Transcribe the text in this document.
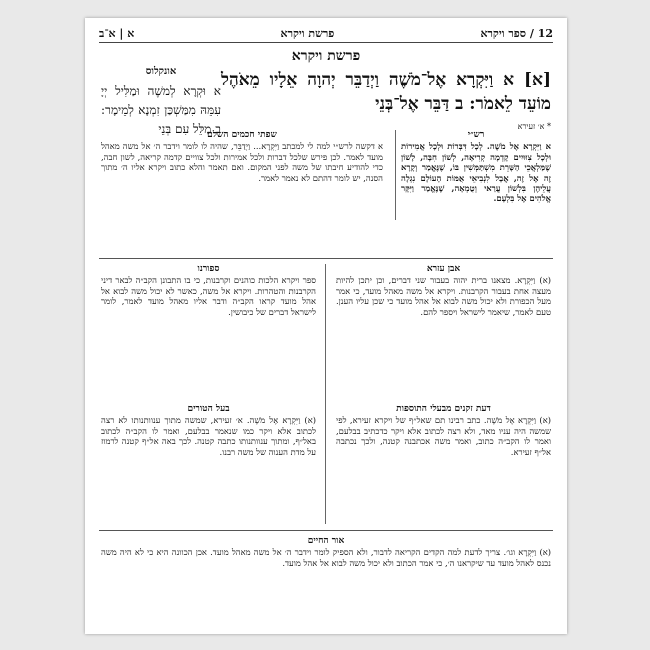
12 / ספר ויקרא
פרשת ויקרא
א | א־ב
פרשת ויקרא
[א] א וַיִּקְרָא אֶל־מֹשֶׁה וַיְדַבֵּר יְהוָה אֵלָיו מֵאֹהֶל מוֹעֵד לֵאמֹר: ב דַּבֵּר אֶל־בְּנֵי
* א׳ זעירא
אונקלוס
א וּקְרָא לְמשֶׁה וּמַלִּיל יְיָ עִמֵּהּ מִמַּשְׁכַּן זִמְנָא לְמֵימָר: ב מַלֵּל עִם בְּנֵי	רש״י
א וַיִּקְרָא אֶל מֹשֶׁה. לְכָל דִּבְּרוֹת וּלְכָל אֲמִירוֹת וּלְכָל צִוּוּיִים קָדְמָה קְרִיאָה, לְשׁוֹן חִבָּה, לָשׁוֹן שֶׁמַּלְאֲכֵי הַשָּׁרֵת מִשְׁתַּמְּשִׁין בּוֹ, שֶׁנֶּאֱמַר וְקָרָא זֶה אֶל זֶה, אֲבָל לִנְבִיאֵי אֻמּוֹת הָעוֹלָם נִגְלָה עֲלֵיהֶן בִּלְשׁוֹן עֲרַאי וְטֻמְאָה, שֶׁנֶּאֱמַר וַיִּקָּר אֱלֹהִים אֶל בִּלְעָם.
שפתי חכמים השלם
א דקשה לרש״י למה לי למכתב וַיִּקְרָא... וַיְדַבֵּר, שהיה לו לומר וידבר ה׳ אל משה מאהל מועד לאמר. לכן פירש שלכל דברות ולכל אמירות ולכל צוויים קדמה קריאה, לשון חבה, כדי להודיע חיבתו של משה לפני המקום. ואם תאמר והלא כתוב ויקרא אליו ה׳ מתוך הסנה, יש לומר דהתם לא נאמר לאמר.
ספורנו
ספר ויקרא הלכות כוהנים וקרבנות, כי בו התבונן הקב״ה לבאר דיני הקרבנות והטהרות. ויקרא אל משה, כאשר לא יכול משה לבוא אל אהל מועד קראו הקב״ה ודבר אליו מאהל מועד לאמר, לומר לישראל דברים של כיבושין.
אבן עזרא
(א) וַיִּקְרָא. מצאנו ברית יהוה בעבור שני דברים, וכן יתכן להיות מעצה אחת בעבור הקרבנות. ויקרא אל משה מאהל מועד, כי אמר מעל הכפורת ולא יכול משה לבוא אל אהל מועד כי שכן עליו הענן. טעם לאמר, שיאמר לישראל ויספר להם.
בעל הטורים
(א) וַיִּקְרָא אֶל מֹשֶׁה. א׳ זעירא, שמשה מתוך ענוותנותו לא רצה לכתוב אלא ויקר כמו שנאמר בבלעם, ואמר לו הקב״ה לכתוב באל״ף, ומתוך ענוותנותו כתבה קטנה. לכך באה אל״ף קטנה לרמוז על מדת הענוה של משה רבנו.
דעת זקנים מבעלי התוספות
(א) וַיִּקְרָא אֶל מֹשֶׁה. כתב רבינו תם שאל״ף של ויקרא זעירא, לפי שמשה היה עניו מאד, ולא רצה לכתוב אלא ויקר כדכתיב בבלעם, ואמר לו הקב״ה כתוב, ואמר משה אכתבנה קטנה, ולכך נכתבה אל״ף זעירא.
אור החיים
(א) וַיִּקְרָא וגו׳. צריך לדעת למה הקדים הקריאה לדבור, ולא הספיק לומר וידבר ה׳ אל משה מאהל מועד. אכן הכוונה היא כי לא היה משה נכנס לאהל מועד עד שיקראנו ה׳, כי אמר הכתוב ולא יכול משה לבוא אל אהל מועד.
